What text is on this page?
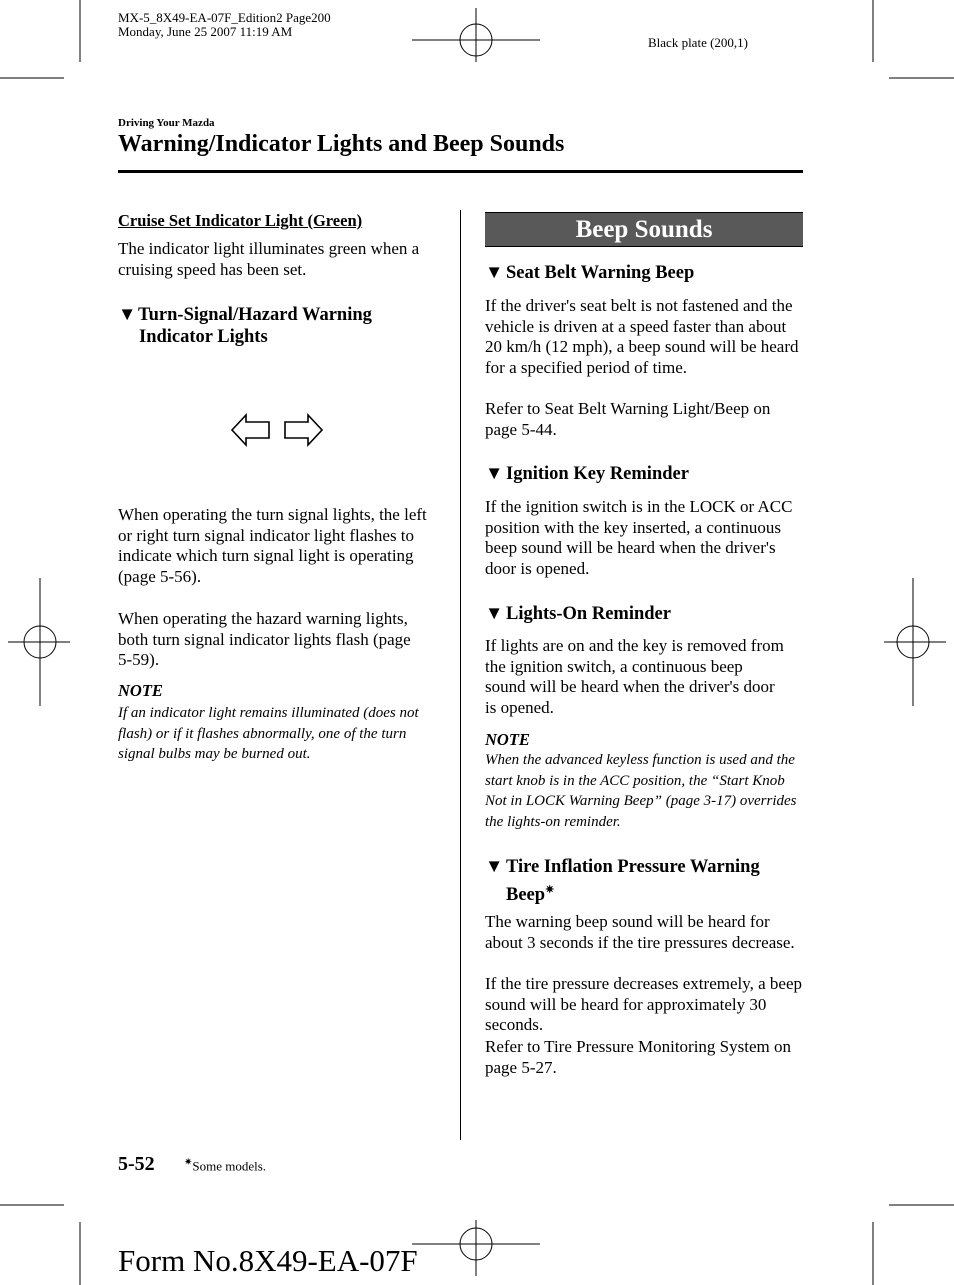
MX-5_8X49-EA-07F_Edition2 Page200
Monday, June 25 2007 11:19 AM
Black plate (200,1)
Driving Your Mazda
Warning/Indicator Lights and Beep Sounds
Cruise Set Indicator Light (Green)

The indicator light illuminates green when a cruising speed has been set.

▼Turn-Signal/Hazard Warning
Indicator Lights

When operating the turn signal lights, the left or right turn signal indicator light flashes to indicate which turn signal light is operating (page 5-56).

When operating the hazard warning lights, both turn signal indicator lights flash (page 5-59).

NOTE
If an indicator light remains illuminated (does not flash) or if it flashes abnormally, one of the turn signal bulbs may be burned out.
Beep Sounds
▼ Seat Belt Warning Beep

If the driver's seat belt is not fastened and the vehicle is driven at a speed faster than about 20 km/h (12 mph), a beep sound will be heard for a specified period of time.

Refer to Seat Belt Warning Light/Beep on page 5-44.

▼ Ignition Key Reminder

If the ignition switch is in the LOCK or ACC position with the key inserted, a continuous beep sound will be heard when the driver's door is opened.

▼ Lights-On Reminder

If lights are on and the key is removed from the ignition switch, a continuous beep sound will be heard when the driver's door is opened.

NOTE
When the advanced keyless function is used and the start knob is in the ACC position, the “Start Knob Not in LOCK Warning Beep” (page 3-17) overrides the lights-on reminder.
▼ Tire Inflation Pressure Warning
Beep✷

The warning beep sound will be heard for about 3 seconds if the tire pressures decrease.

If the tire pressure decreases extremely, a beep sound will be heard for approximately 30 seconds.

Refer to Tire Pressure Monitoring System on page 5-27.

5-52	✷Some models.
Form No.8X49-EA-07F
